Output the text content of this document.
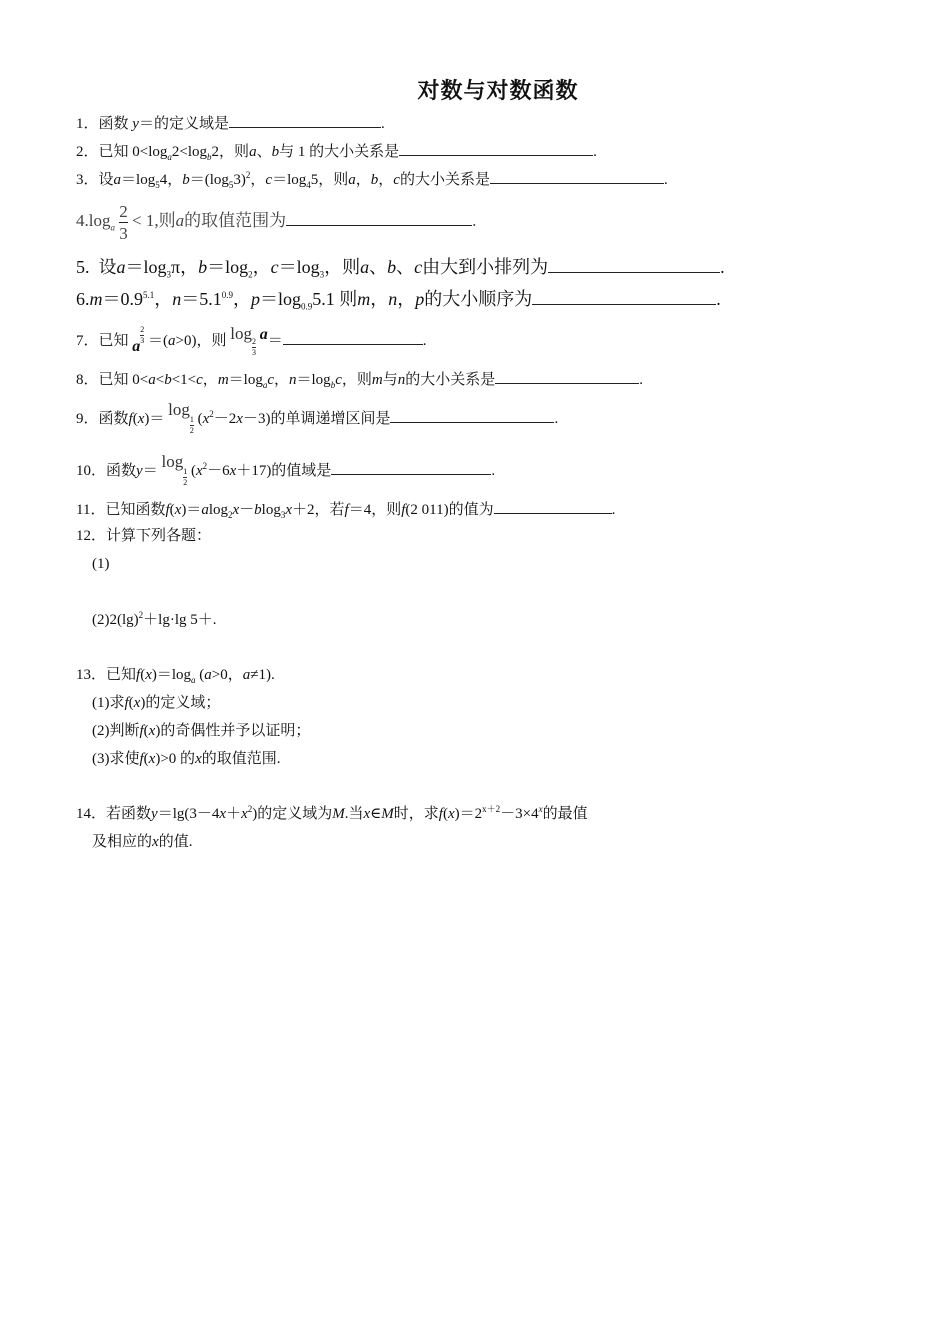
对数与对数函数
1．函数 y＝的定义域是	.
2．已知 $0<\log_a2<\log_b2$，则a、b与 1 的大小关系是	.
3．设$a=\log_54$，$b=(\log_53)^2$，$c=\log_45$，则a，b，c的大小关系是	.
$4.\log_a \frac{2}{3} < 1$,则a的取值范围为	.
5. 设$a=\log_3\pi$，$b=\log_2$，$c=\log_3$，则a、b、c由大到小排列为	.
$6.m=0.9^{5.1}$，$n=5.1^{0.9}$，$p=\log_{0.9}5.1$ 则m，n，p的大小顺序为	.
7．已知 a
$\frac{2}{3} =(a>0)$，则 log
$\frac{2}{3}$
a＝	.
8．已知 0<a<b<1<c，$m=\log_ac$，$n=\log_bc$，则m与n的大小关系是	.
9．函数f(x)＝ log
$\frac{1}{2} (x^2-2x-3)$的单调递增区间是	.
10．函数y＝ log
$\frac{1}{2} (x^2-6x+17)$的值域是	.
11．已知函数f(x)＝alog$_2$x－blog$_3$x＋2，若f＝4，则f(2 011)的值为	.
12．计算下列各题：
(1)
$(2)2(\lg)^2+\lg\cdot\lg$ 5＋.
13．已知$f(x)=\log_a$ (a>0，a≠1).
(1)求f(x)的定义域；
(2)判断f(x)的奇偶性并予以证明；
(3)求使f(x)>0 的x的取值范围.
14．若函数$y=\lg(3-4x+x^2)$的定义域为M.当x∈M时，求$f(x)=2^{x+2}-3\times 4^x$的最值
及相应的x的值.
